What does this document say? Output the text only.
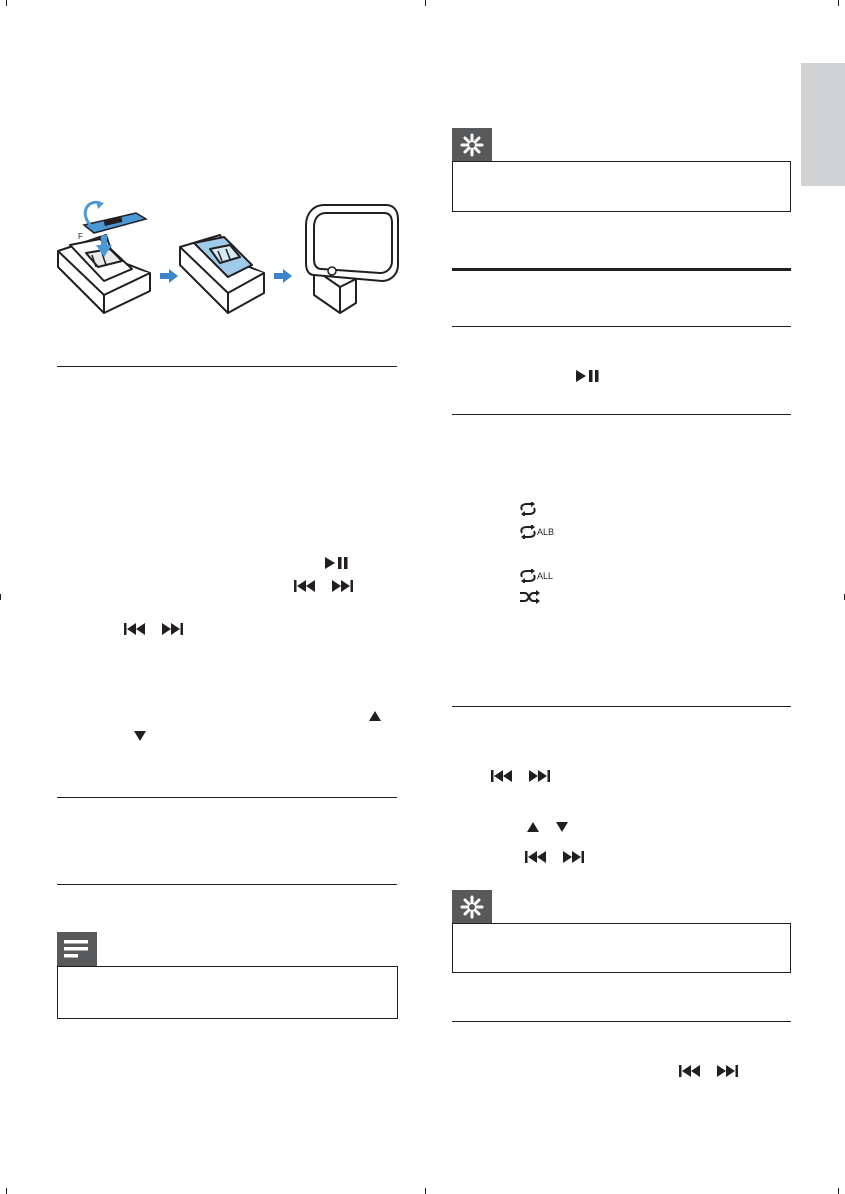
F
ALB
ALL
